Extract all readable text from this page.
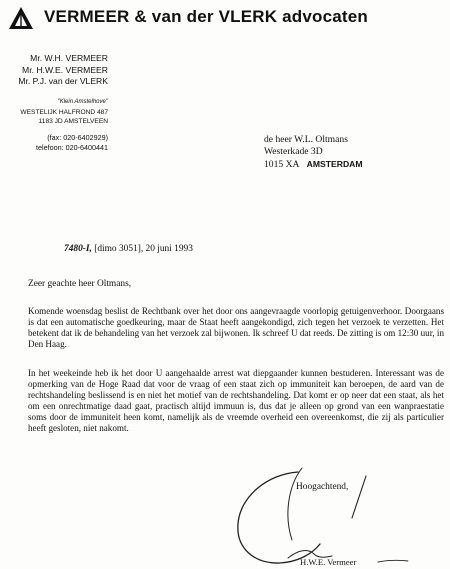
VERMEER & van der VLERK advocaten
Mr. W.H. VERMEER
Mr. H.W.E. VERMEER
Mr. P.J. van der VLERK
"Klein Amstelhove"
WESTELIJK HALFROND 487
1183 JD AMSTELVEEN
(fax: 020-6402929)
telefoon: 020-6400441
de heer W.L. Oltmans
Westerkade 3D
1015 XA AMSTERDAM
7480-I, [dimo 3051], 20 juni 1993
Zeer geachte heer Oltmans,

Komende woensdag beslist de Rechtbank over het door ons aangevraagde voorlopig getuigenverhoor. Doorgaans is dat een automatische goedkeuring, maar de Staat heeft aangekondigd, zich tegen het verzoek te verzetten. Het betekent dat ik de behandeling van het verzoek zal bijwonen. Ik schreef U dat reeds. De zitting is om 12:30 uur, in Den Haag.

In het weekeinde heb ik het door U aangehaalde arrest wat diepgaander kunnen bestuderen. Interessant was de opmerking van de Hoge Raad dat voor de vraag of een staat zich op immuniteit kan beroepen, de aard van de rechtshandeling beslissend is en niet het motief van de rechtshandeling. Dat komt er op neer dat een staat, als het om een onrechtmatige daad gaat, practisch altijd immuun is, dus dat je alleen op grond van een wanpraestatie soms door de immuniteit heen komt, namelijk als de vreemde overheid een overeenkomst, die zij als particulier heeft gesloten, niet nakomt.

Hoogachtend,
H.W.E. Vermeer
